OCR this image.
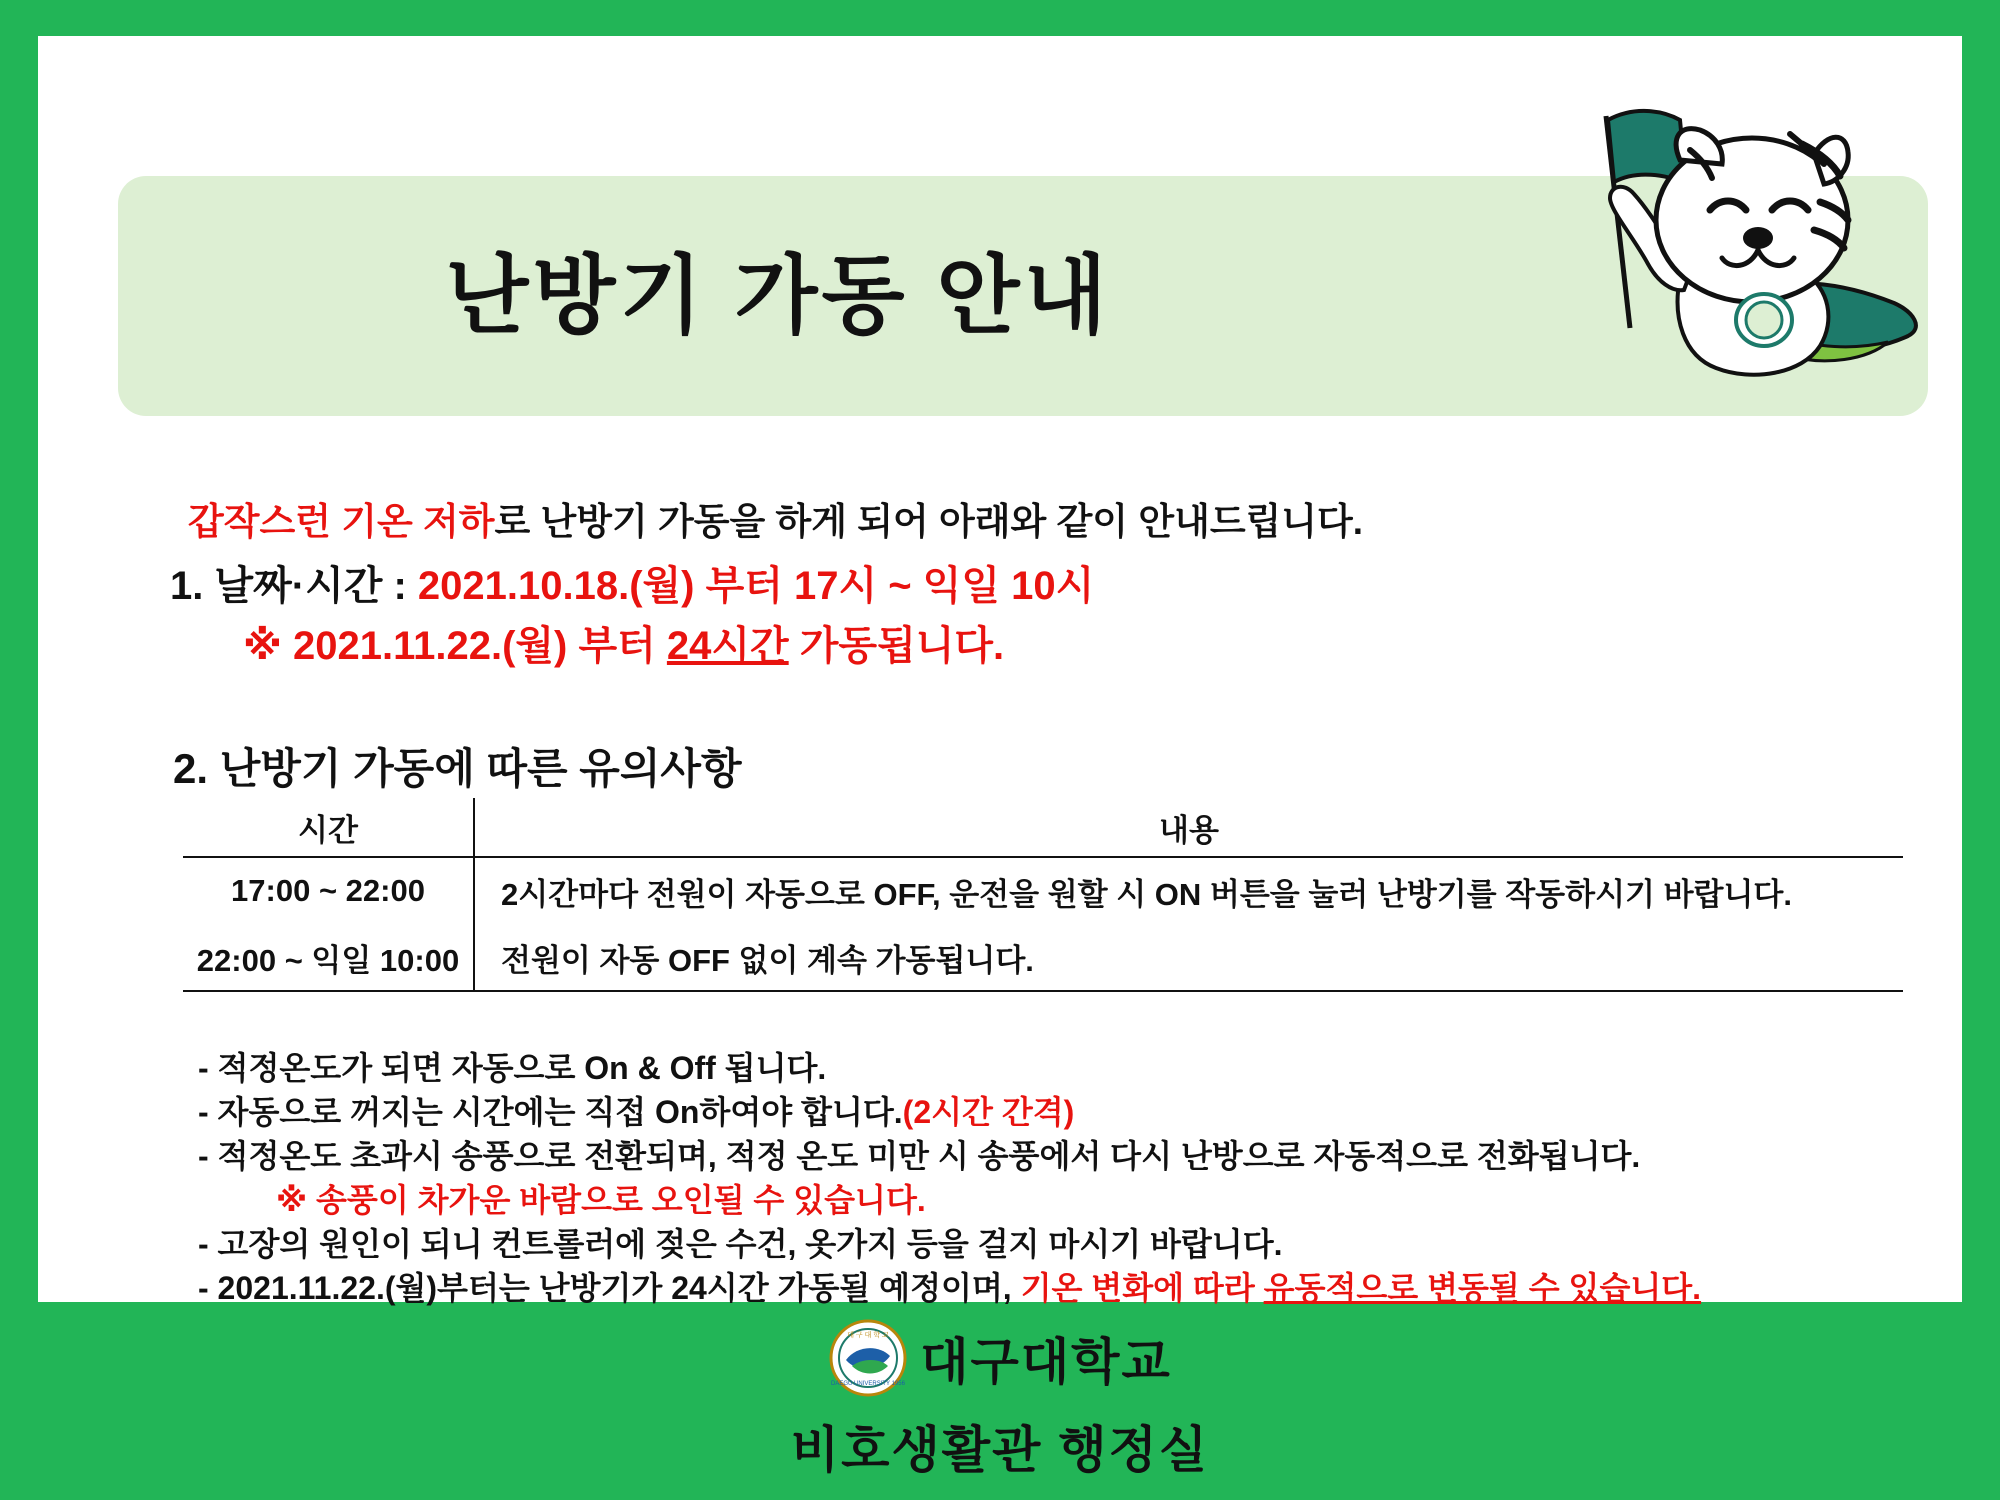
난방기 가동 안내
갑작스런 기온 저하로 난방기 가동을 하게 되어 아래와 같이 안내드립니다.
1. 날짜·시간 : 2021.10.18.(월) 부터 17시 ~ 익일 10시
※ 2021.11.22.(월) 부터 24시간 가동됩니다.
2. 난방기 가동에 따른 유의사항
시간	내용
17:00 ~ 22:00	2시간마다 전원이 자동으로 OFF, 운전을 원할 시 ON 버튼을 눌러 난방기를 작동하시기 바랍니다.
22:00 ~ 익일 10:00	전원이 자동 OFF 없이 계속 가동됩니다.
- 적정온도가 되면 자동으로 On & Off 됩니다.
- 자동으로 꺼지는 시간에는 직접 On하여야 합니다.(2시간 간격)
- 적정온도 초과시 송풍으로 전환되며, 적정 온도 미만 시 송풍에서 다시 난방으로 자동적으로 전화됩니다.
※ 송풍이 차가운 바람으로 오인될 수 있습니다.
- 고장의 원인이 되니 컨트롤러에 젖은 수건, 옷가지 등을 걸지 마시기 바랍니다.
- 2021.11.22.(월)부터는 난방기가 24시간 가동될 예정이며, 기온 변화에 따라 유동적으로 변동될 수 있습니다.
대 구 대 학 교
DAEGU UNIVERSITY 1956 대구대학교
비호생활관 행정실
